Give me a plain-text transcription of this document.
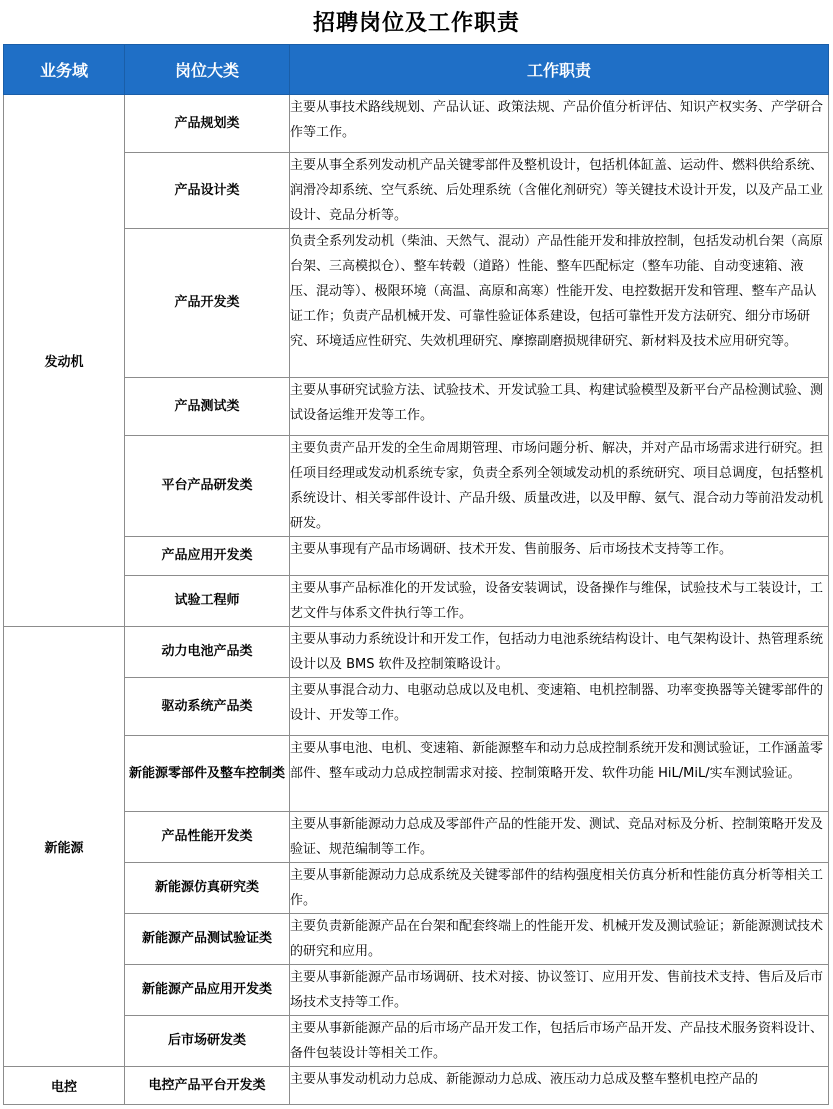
招聘岗位及工作职责
业务域	岗位大类	工作职责
发动机	产品规划类	主要从事技术路线规划、产品认证、政策法规、产品价值分析评估、知识产权实务、产学研合作等工作。
	产品设计类	主要从事全系列发动机产品关键零部件及整机设计，包括机体缸盖、运动件、燃料供给系统、润滑冷却系统、空气系统、后处理系统（含催化剂研究）等关键技术设计开发，以及产品工业设计、竞品分析等。
	产品开发类	负责全系列发动机（柴油、天然气、混动）产品性能开发和排放控制，包括发动机台架（高原台架、三高模拟仓）、整车转毂（道路）性能、整车匹配标定（整车功能、自动变速箱、液压、混动等）、极限环境（高温、高原和高寒）性能开发、电控数据开发和管理、整车产品认证工作；负责产品机械开发、可靠性验证体系建设，包括可靠性开发方法研究、细分市场研究、环境适应性研究、失效机理研究、摩擦副磨损规律研究、新材料及技术应用研究等。
	产品测试类	主要从事研究试验方法、试验技术、开发试验工具、构建试验模型及新平台产品检测试验、测试设备运维开发等工作。
	平台产品研发类	主要负责产品开发的全生命周期管理、市场问题分析、解决，并对产品市场需求进行研究。担任项目经理或发动机系统专家，负责全系列全领域发动机的系统研究、项目总调度，包括整机系统设计、相关零部件设计、产品升级、质量改进，以及甲醇、氨气、混合动力等前沿发动机研发。
	产品应用开发类	主要从事现有产品市场调研、技术开发、售前服务、后市场技术支持等工作。
	试验工程师	主要从事产品标准化的开发试验，设备安装调试，设备操作与维保，试验技术与工装设计，工艺文件与体系文件执行等工作。
新能源	动力电池产品类	主要从事动力系统设计和开发工作，包括动力电池系统结构设计、电气架构设计、热管理系统设计以及 BMS 软件及控制策略设计。
	驱动系统产品类	主要从事混合动力、电驱动总成以及电机、变速箱、电机控制器、功率变换器等关键零部件的设计、开发等工作。
	新能源零部件及整车控制类	主要从事电池、电机、变速箱、新能源整车和动力总成控制系统开发和测试验证，工作涵盖零部件、整车或动力总成控制需求对接、控制策略开发、软件功能 HiL/MiL/实车测试验证。
	产品性能开发类	主要从事新能源动力总成及零部件产品的性能开发、测试、竞品对标及分析、控制策略开发及验证、规范编制等工作。
	新能源仿真研究类	主要从事新能源动力总成系统及关键零部件的结构强度相关仿真分析和性能仿真分析等相关工作。
	新能源产品测试验证类	主要负责新能源产品在台架和配套终端上的性能开发、机械开发及测试验证；新能源测试技术的研究和应用。
	新能源产品应用开发类	主要从事新能源产品市场调研、技术对接、协议签订、应用开发、售前技术支持、售后及后市场技术支持等工作。
	后市场研发类	主要从事新能源产品的后市场产品开发工作，包括后市场产品开发、产品技术服务资料设计、备件包装设计等相关工作。
电控	电控产品平台开发类	主要从事发动机动力总成、新能源动力总成、液压动力总成及整车整机电控产品的
